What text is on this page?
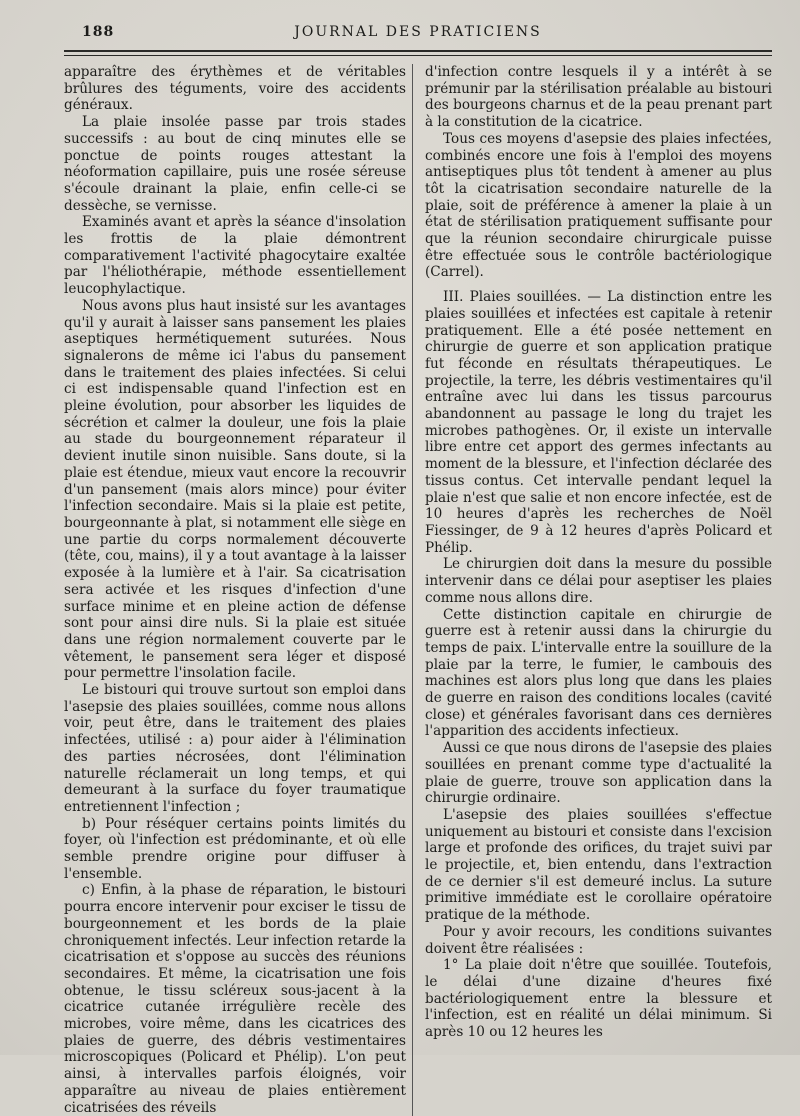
188	JOURNAL DES PRATICIENS

apparaître des érythèmes et de véritables brûlures des téguments, voire des accidents généraux.

La plaie insolée passe par trois stades successifs : au bout de cinq minutes elle se ponctue de points rouges attestant la néoformation capillaire, puis une rosée séreuse s'écoule drainant la plaie, enfin celle-ci se dessèche, se vernisse.

Examinés avant et après la séance d'insolation les frottis de la plaie démontrent comparativement l'activité phagocytaire exaltée par l'héliothérapie, méthode essentiellement leucophylactique.

Nous avons plus haut insisté sur les avantages qu'il y aurait à laisser sans pansement les plaies aseptiques hermétiquement suturées. Nous signalerons de même ici l'abus du pansement dans le traitement des plaies infectées. Si celui ci est indispensable quand l'infection est en pleine évolution, pour absorber les liquides de sécrétion et calmer la douleur, une fois la plaie au stade du bourgeonnement réparateur il devient inutile sinon nuisible. Sans doute, si la plaie est étendue, mieux vaut encore la recouvrir d'un pansement (mais alors mince) pour éviter l'infection secondaire. Mais si la plaie est petite, bourgeonnante à plat, si notamment elle siège en une partie du corps normalement découverte (tête, cou, mains), il y a tout avantage à la laisser exposée à la lumière et à l'air. Sa cicatrisation sera activée et les risques d'infection d'une surface minime et en pleine action de défense sont pour ainsi dire nuls. Si la plaie est située dans une région normalement couverte par le vêtement, le pansement sera léger et disposé pour permettre l'insolation facile.

Le bistouri qui trouve surtout son emploi dans l'asepsie des plaies souillées, comme nous allons voir, peut être, dans le traitement des plaies infectées, utilisé : a) pour aider à l'élimination des parties nécrosées, dont l'élimination naturelle réclamerait un long temps, et qui demeurant à la surface du foyer traumatique entretiennent l'infection ;

b) Pour réséquer certains points limités du foyer, où l'infection est prédominante, et où elle semble prendre origine pour diffuser à l'ensemble.

c) Enfin, à la phase de réparation, le bistouri pourra encore intervenir pour exciser le tissu de bourgeonnement et les bords de la plaie chroniquement infectés. Leur infection retarde la cicatrisation et s'oppose au succès des réunions secondaires. Et même, la cicatrisation une fois obtenue, le tissu scléreux sous-jacent à la cicatrice cutanée irrégulière recèle des microbes, voire même, dans les cicatrices des plaies de guerre, des débris vestimentaires microscopiques (Policard et Phélip). L'on peut ainsi, à intervalles parfois éloignés, voir apparaître au niveau de plaies entièrement cicatrisées des réveils

d'infection contre lesquels il y a intérêt à se prémunir par la stérilisation préalable au bistouri des bourgeons charnus et de la peau prenant part à la constitution de la cicatrice.

Tous ces moyens d'asepsie des plaies infectées, combinés encore une fois à l'emploi des moyens antiseptiques plus tôt tendent à amener au plus tôt la cicatrisation secondaire naturelle de la plaie, soit de préférence à amener la plaie à un état de stérilisation pratiquement suffisante pour que la réunion secondaire chirurgicale puisse être effectuée sous le contrôle bactériologique (Carrel).

III. Plaies souillées. — La distinction entre les plaies souillées et infectées est capitale à retenir pratiquement. Elle a été posée nettement en chirurgie de guerre et son application pratique fut féconde en résultats thérapeutiques. Le projectile, la terre, les débris vestimentaires qu'il entraîne avec lui dans les tissus parcourus abandonnent au passage le long du trajet les microbes pathogènes. Or, il existe un intervalle libre entre cet apport des germes infectants au moment de la blessure, et l'infection déclarée des tissus contus. Cet intervalle pendant lequel la plaie n'est que salie et non encore infectée, est de 10 heures d'après les recherches de Noël Fiessinger, de 9 à 12 heures d'après Policard et Phélip.

Le chirurgien doit dans la mesure du possible intervenir dans ce délai pour aseptiser les plaies comme nous allons dire.

Cette distinction capitale en chirurgie de guerre est à retenir aussi dans la chirurgie du temps de paix. L'intervalle entre la souillure de la plaie par la terre, le fumier, le cambouis des machines est alors plus long que dans les plaies de guerre en raison des conditions locales (cavité close) et générales favorisant dans ces dernières l'apparition des accidents infectieux.

Aussi ce que nous dirons de l'asepsie des plaies souillées en prenant comme type d'actualité la plaie de guerre, trouve son application dans la chirurgie ordinaire.

L'asepsie des plaies souillées s'effectue uniquement au bistouri et consiste dans l'excision large et profonde des orifices, du trajet suivi par le projectile, et, bien entendu, dans l'extraction de ce dernier s'il est demeuré inclus. La suture primitive immédiate est le corollaire opératoire pratique de la méthode.

Pour y avoir recours, les conditions suivantes doivent être réalisées :

1° La plaie doit n'être que souillée. Toutefois, le délai d'une dizaine d'heures fixé bactériologiquement entre la blessure et l'infection, est en réalité un délai minimum. Si après 10 ou 12 heures les
